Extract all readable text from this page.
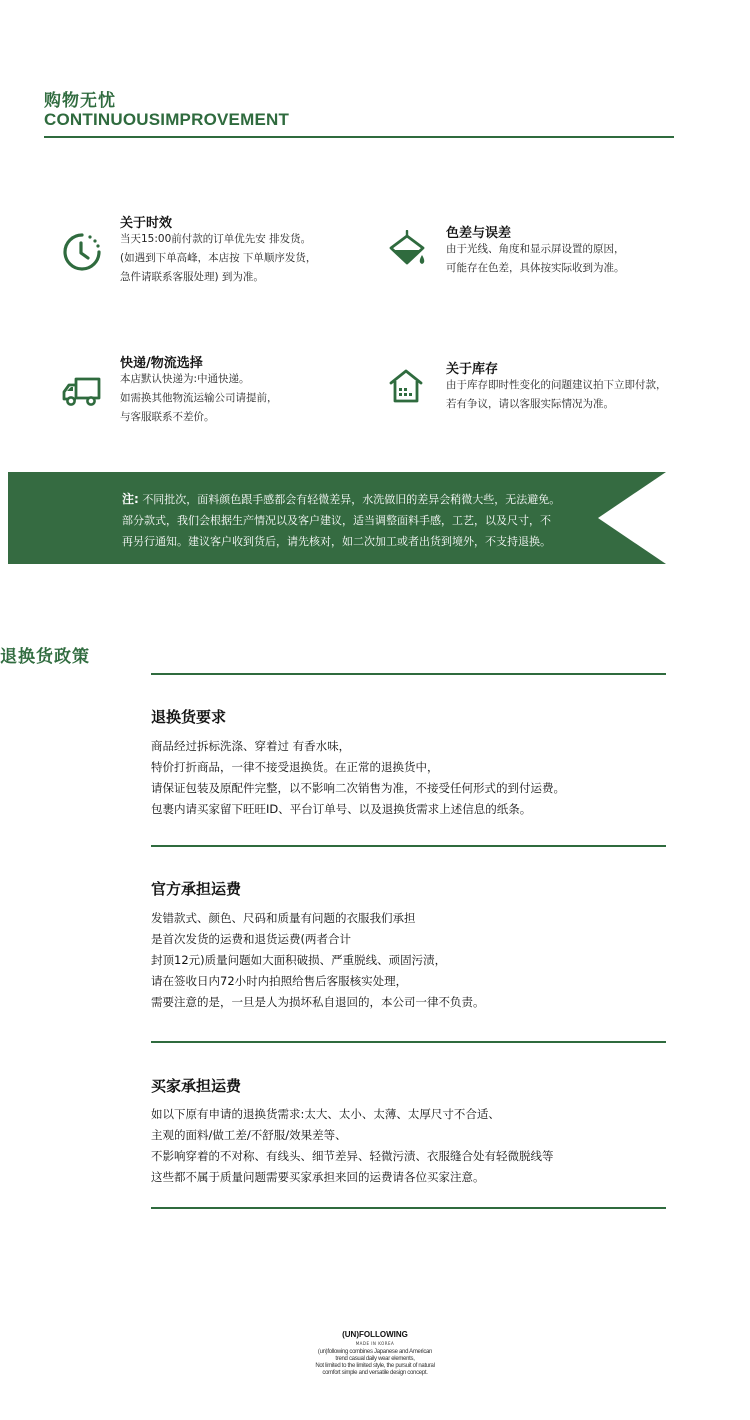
购物无忧
CONTINUOUSIMPROVEMENT
关于时效
当天15:00前付款的订单优先安 排发货。
(如遇到下单高峰，本店按 下单顺序发货，
急件请联系客服处理) 到为准。
色差与误差
由于光线、角度和显示屏设置的原因，
可能存在色差，具体按实际收到为准。
快递/物流选择
本店默认快递为:中通快递。
如需换其他物流运输公司请提前，
与客服联系不差价。
关于库存
由于库存即时性变化的问题建议拍下立即付款，
若有争议，请以客服实际情况为准。
注: 不同批次，面料颜色跟手感都会有轻微差异，水洗做旧的差异会稍微大些，无法避免。
部分款式，我们会根据生产情况以及客户建议，适当调整面料手感，工艺，以及尺寸，不
再另行通知。建议客户收到货后，请先核对，如二次加工或者出货到境外，不支持退换。
退换货政策
退换货要求
商品经过拆标洗涤、穿着过 有香水味，
特价打折商品，一律不接受退换货。在正常的退换货中，
请保证包装及原配件完整，以不影响二次销售为准，不接受任何形式的到付运费。
包裹内请买家留下旺旺ID、平台订单号、以及退换货需求上述信息的纸条。
官方承担运费
发错款式、颜色、尺码和质量有问题的衣服我们承担
是首次发货的运费和退货运费(两者合计
封顶12元)质量问题如大面积破损、严重脱线、顽固污渍，
请在签收日内72小时内拍照给售后客服核实处理，
需要注意的是，一旦是人为损坏私自退回的，本公司一律不负责。
买家承担运费
如以下原有申请的退换货需求:太大、太小、太薄、太厚尺寸不合适、
主观的面料/做工差/不舒服/效果差等、
不影响穿着的不对称、有线头、细节差异、轻微污渍、衣服缝合处有轻微脱线等
这些都不属于质量问题需要买家承担来回的运费请各位买家注意。
(UN)FOLLOWING
MADE IN KOREA
(un)following combines Japanese and American
trend casual daily wear elements,
Not limited to the limited style, the pursuit of natural
comfort simple and versatile design concept.
